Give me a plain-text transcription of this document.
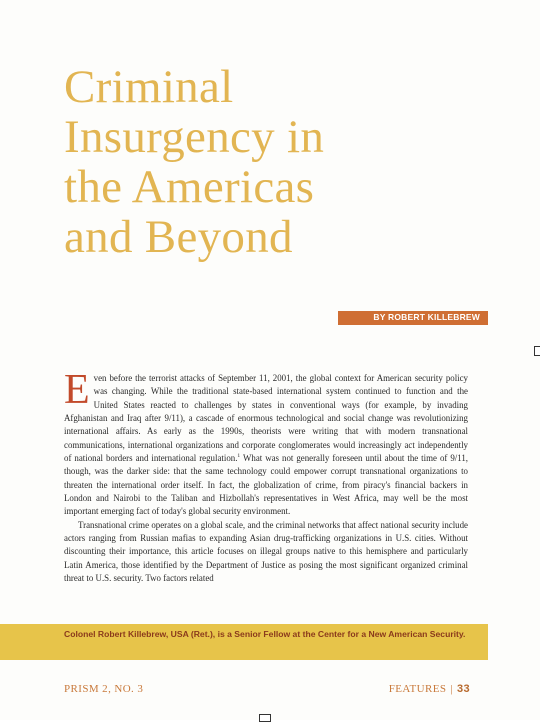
Criminal
Insurgency in
the Americas
and Beyond
BY ROBERT KILLEBREW

E ven before the terrorist attacks of September 11, 2001, the global context for American security policy was changing. While the traditional state-based international system continued to function and the United States reacted to challenges by states in conventional ways (for example, by invading Afghanistan and Iraq after 9/11), a cascade of enormous technological and social change was revolutionizing international affairs. As early as the 1990s, theorists were writing that with modern transnational communications, international organizations and corporate conglomerates would increasingly act independently of national borders and international regulation.$^1$ What was not generally foreseen until about the time of 9/11, though, was the darker side: that the same technology could empower corrupt transnational organizations to threaten the international order itself. In fact, the globalization of crime, from piracy's financial backers in London and Nairobi to the Taliban and Hizbollah's representatives in West Africa, may well be the most important emerging fact of today's global security environment.

Transnational crime operates on a global scale, and the criminal networks that affect national security include actors ranging from Russian mafias to expanding Asian drug-trafficking organizations in U.S. cities. Without discounting their importance, this article focuses on illegal groups native to this hemisphere and particularly Latin America, those identified by the Department of Justice as posing the most significant organized criminal threat to U.S. security. Two factors related

Colonel Robert Killebrew, USA (Ret.), is a Senior Fellow at the Center for a New American Security.
PRISM 2, NO. 3	FEATURES | 33
